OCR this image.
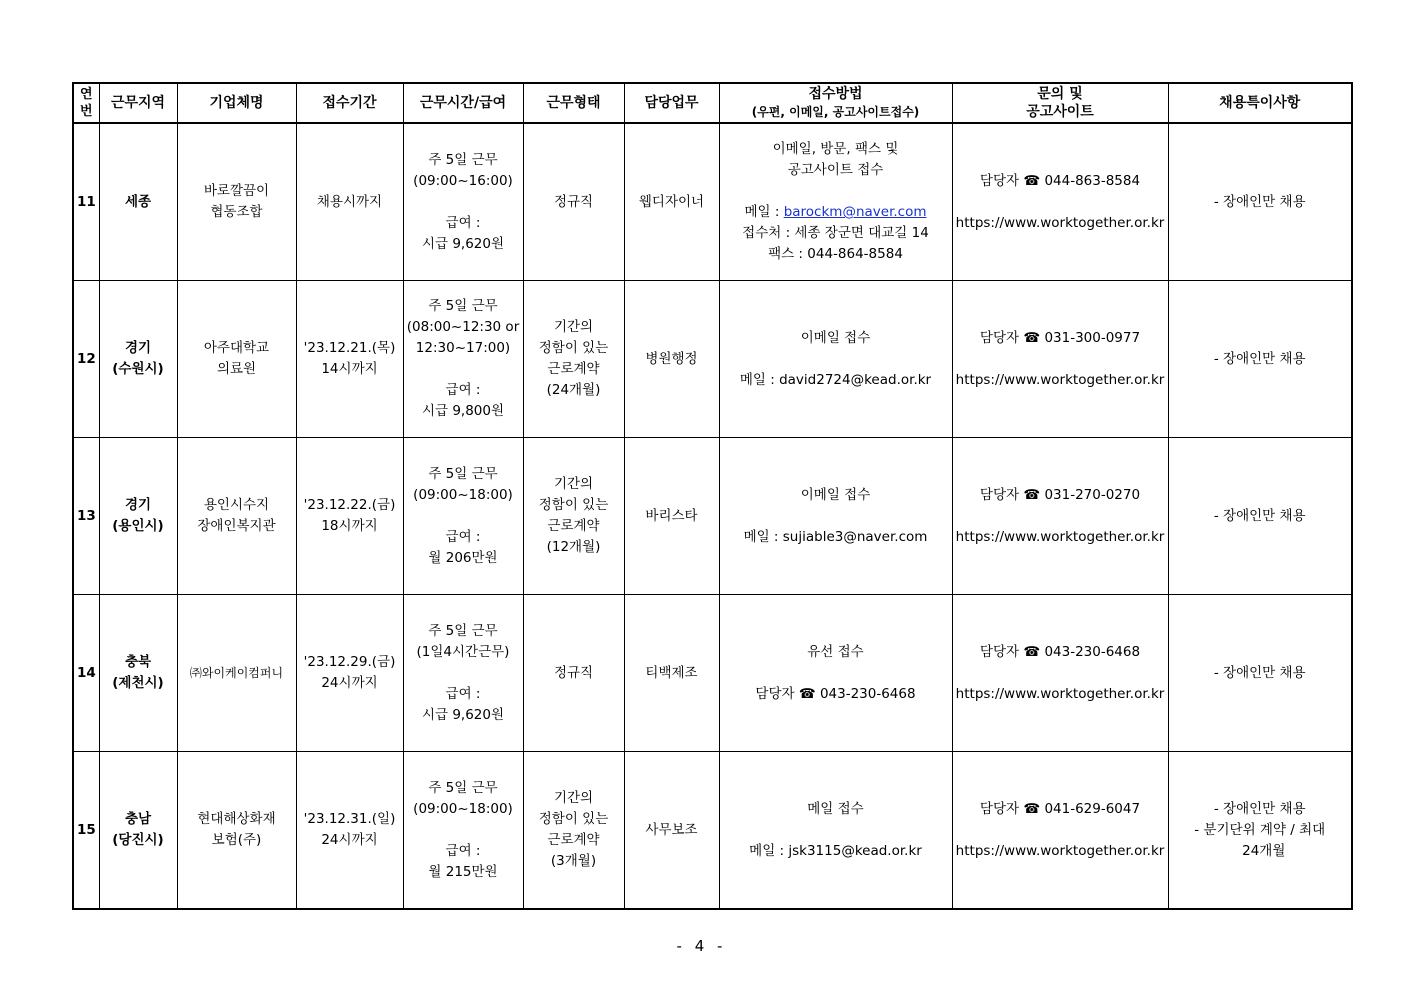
연
번	근무지역	기업체명	접수기간	근무시간/급여	근무형태	담당업무	접수방법
(우편, 이메일, 공고사이트접수)	문의 및
공고사이트	채용특이사항
11	세종	바로깔끔이
협동조합	채용시까지	주 5일 근무
(09:00~16:00)
급여 :
시급 9,620원	정규직	웹디자이너	이메일, 방문, 팩스 및
공고사이트 접수
메일 : barockm@naver.com
접수처 : 세종 장군면 대교길 14
팩스 : 044-864-8584	담당자 ☎ 044-863-8584
https://www.worktogether.or.kr	- 장애인만 채용

12	경기
(수원시)	아주대학교
의료원	'23.12.21.(목)
14시까지	주 5일 근무
(08:00~12:30 or
12:30~17:00)
급여 :
시급 9,800원	기간의
정함이 있는
근로계약
(24개월)	병원행정	이메일 접수
메일 : david2724@kead.or.kr	담당자 ☎ 031-300-0977
https://www.worktogether.or.kr	- 장애인만 채용

13	경기
(용인시)	용인시수지
장애인복지관	'23.12.22.(금)
18시까지	주 5일 근무
(09:00~18:00)
급여 :
월 206만원	기간의
정함이 있는
근로계약
(12개월)	바리스타	이메일 접수
메일 : sujiable3@naver.com	담당자 ☎ 031-270-0270
https://www.worktogether.or.kr	- 장애인만 채용

14	충북
(제천시)	㈜와이케이컴퍼니	'23.12.29.(금)
24시까지	주 5일 근무
(1일4시간근무)
급여 :
시급 9,620원	정규직	티백제조	유선 접수
담당자 ☎ 043-230-6468	담당자 ☎ 043-230-6468
https://www.worktogether.or.kr	- 장애인만 채용

15	충남
(당진시)	현대해상화재
보험(주)	'23.12.31.(일)
24시까지	주 5일 근무
(09:00~18:00)
급여 :
월 215만원	기간의
정함이 있는
근로계약
(3개월)	사무보조	메일 접수
메일 : jsk3115@kead.or.kr	담당자 ☎ 041-629-6047
https://www.worktogether.or.kr	- 장애인만 채용
- 분기단위 계약 / 최대
24개월
- 4 -
